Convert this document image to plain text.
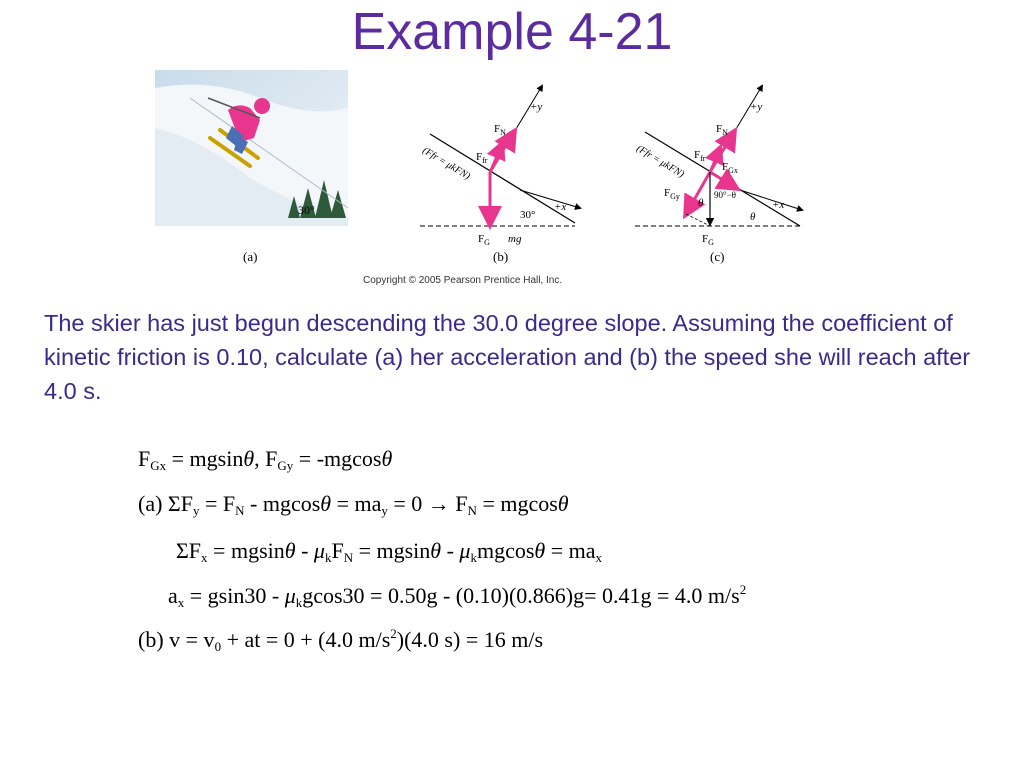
Example 4-21
30°
(a)
$F_N$
$F_{fr}$
$F_G$ mg
+y
+x
30°
(Ffr = μkFN)
(b)
$F_N$
$F_{fr}$
$F_{Gx}$
$F_{Gy}$
$F_G$
+y
+x
θ
θ
90°−θ
(Ffr = μkFN)
(c)
Copyright © 2005 Pearson Prentice Hall, Inc.

The skier has just begun descending the 30.0 degree slope. Assuming the coefficient of kinetic friction is 0.10, calculate (a) her acceleration and (b) the speed she will reach after 4.0 s.

$F_{Gx} = mgsin\theta$, $F_{Gy} = -mgcos\theta$
(a) $\Sigma F_y = F_N - mgcos\theta = ma_y = 0 \to F_N = mgcos\theta$
$\Sigma F_x = mgsin\theta - \mu_kF_N = mgsin\theta - \mu_kmgcos\theta = ma_x$
$a_x = gsin30 - \mu_kgcos30 = 0.50g - (0.10)(0.866)g= 0.41g = 4.0$ $m/s^2$
(b) $v = v_0$ + at = 0 + (4.0 $m/s^2)(4.0$ s) = 16 m/s
